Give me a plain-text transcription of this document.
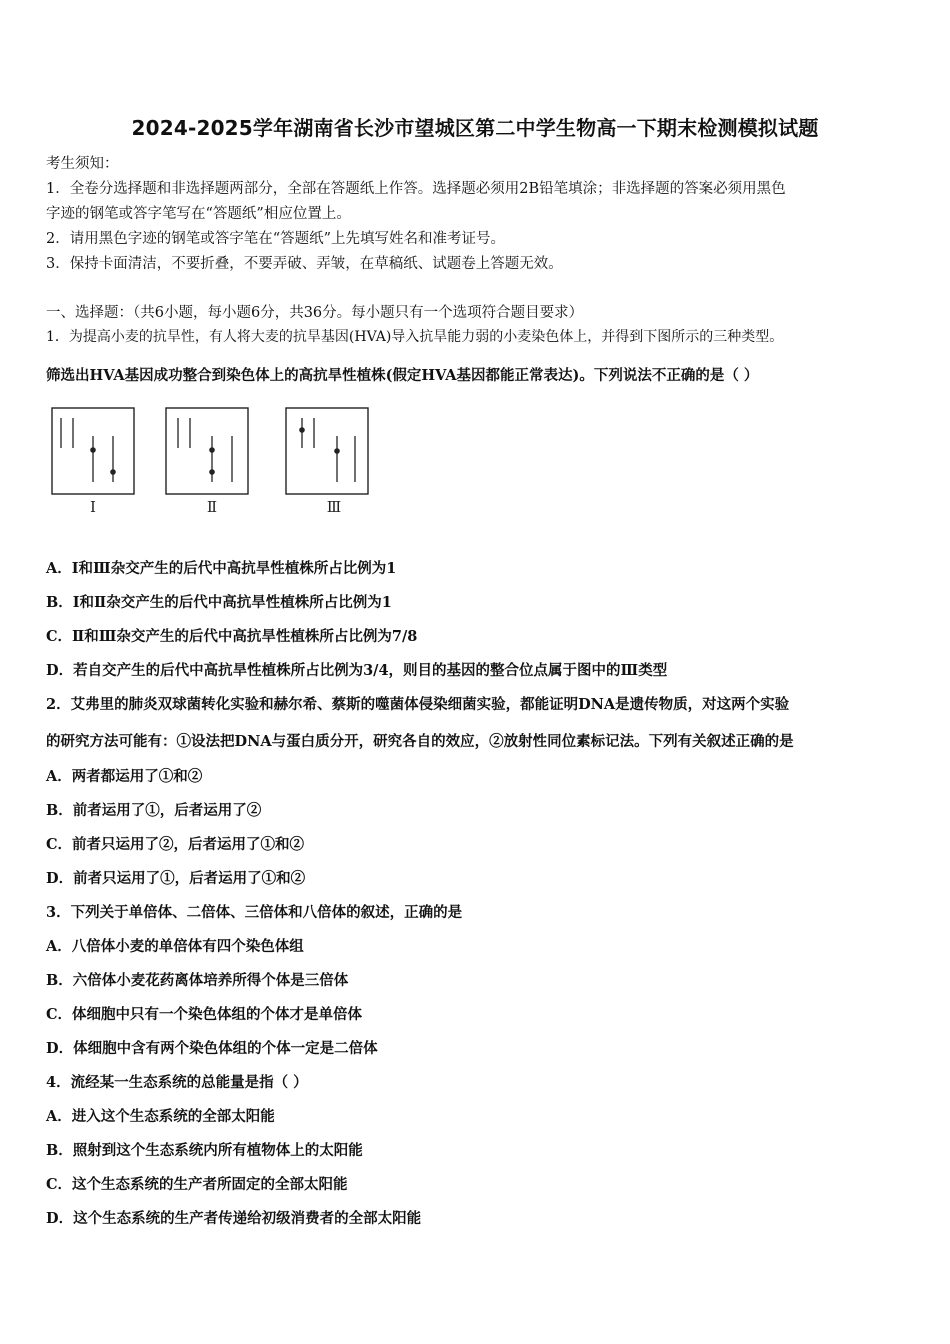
2024-2025学年湖南省长沙市望城区第二中学生物高一下期末检测模拟试题
考生须知：
1．全卷分选择题和非选择题两部分，全部在答题纸上作答。选择题必须用2B铅笔填涂；非选择题的答案必须用黑色
字迹的钢笔或答字笔写在“答题纸”相应位置上。
2．请用黑色字迹的钢笔或答字笔在“答题纸”上先填写姓名和准考证号。
3．保持卡面清洁，不要折叠，不要弄破、弄皱，在草稿纸、试题卷上答题无效。
一、选择题：（共6小题，每小题6分，共36分。每小题只有一个选项符合题目要求）
1．为提高小麦的抗旱性，有人将大麦的抗旱基因(HVA)导入抗旱能力弱的小麦染色体上，并得到下图所示的三种类型。
筛选出HVA基因成功整合到染色体上的高抗旱性植株(假定HVA基因都能正常表达)。下列说法不正确的是（ ）
Ⅰ	Ⅱ	Ⅲ
A．Ⅰ和Ⅲ杂交产生的后代中高抗旱性植株所占比例为1
B．Ⅰ和Ⅱ杂交产生的后代中高抗旱性植株所占比例为1
C．Ⅱ和Ⅲ杂交产生的后代中高抗旱性植株所占比例为7/8
D．若自交产生的后代中高抗旱性植株所占比例为3/4，则目的基因的整合位点属于图中的Ⅲ类型
2．艾弗里的肺炎双球菌转化实验和赫尔希、蔡斯的噬菌体侵染细菌实验，都能证明DNA是遗传物质，对这两个实验
的研究方法可能有：①设法把DNA与蛋白质分开，研究各自的效应，②放射性同位素标记法。下列有关叙述正确的是
A．两者都运用了①和②
B．前者运用了①，后者运用了②
C．前者只运用了②，后者运用了①和②
D．前者只运用了①，后者运用了①和②
3．下列关于单倍体、二倍体、三倍体和八倍体的叙述，正确的是
A．八倍体小麦的单倍体有四个染色体组
B．六倍体小麦花药离体培养所得个体是三倍体
C．体细胞中只有一个染色体组的个体才是单倍体
D．体细胞中含有两个染色体组的个体一定是二倍体
4．流经某一生态系统的总能量是指（ ）
A．进入这个生态系统的全部太阳能
B．照射到这个生态系统内所有植物体上的太阳能
C．这个生态系统的生产者所固定的全部太阳能
D．这个生态系统的生产者传递给初级消费者的全部太阳能
